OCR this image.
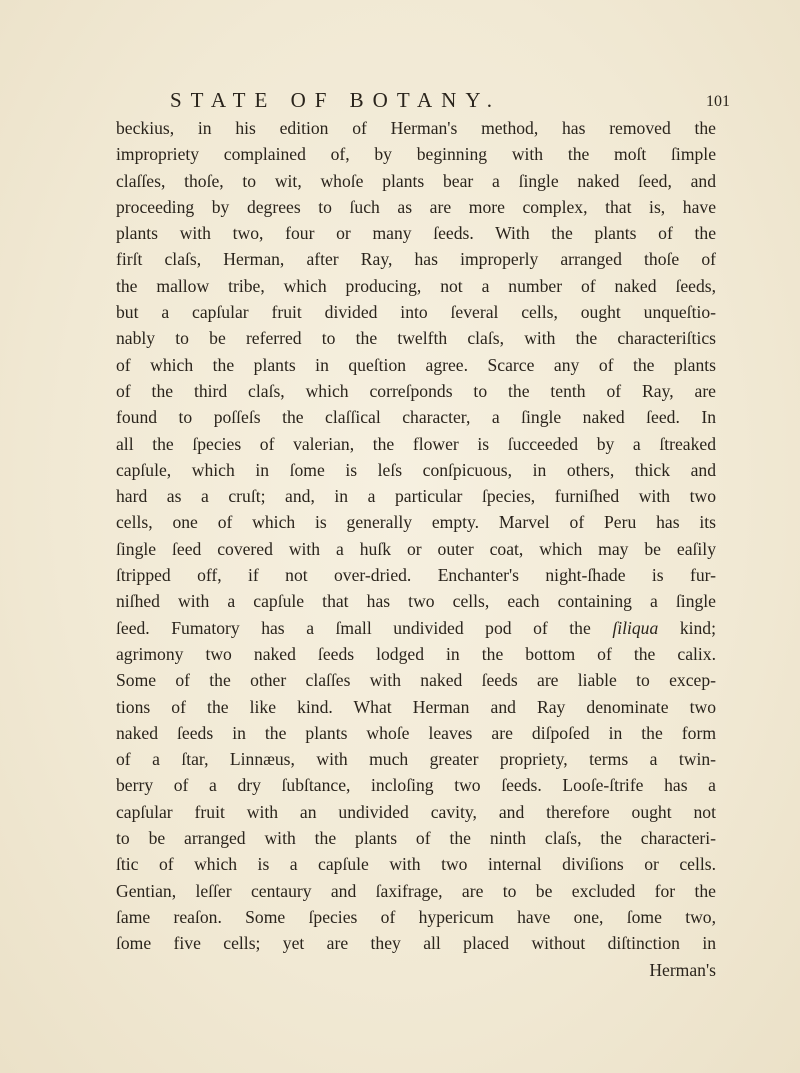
STATE OF BOTANY.	101
beckius, in his edition of Herman's method, has removed the
impropriety complained of, by beginning with the moſt ſimple
claſſes, thoſe, to wit, whoſe plants bear a ſingle naked ſeed, and
proceeding by degrees to ſuch as are more complex, that is, have
plants with two, four or many ſeeds. With the plants of the
firſt claſs, Herman, after Ray, has improperly arranged thoſe of
the mallow tribe, which producing, not a number of naked ſeeds,
but a capſular fruit divided into ſeveral cells, ought unqueſtio-
nably to be referred to the twelfth claſs, with the characteriſtics
of which the plants in queſtion agree. Scarce any of the plants
of the third claſs, which correſponds to the tenth of Ray, are
found to poſſeſs the claſſical character, a ſingle naked ſeed. In
all the ſpecies of valerian, the flower is ſucceeded by a ſtreaked
capſule, which in ſome is leſs conſpicuous, in others, thick and
hard as a cruſt; and, in a particular ſpecies, furniſhed with two
cells, one of which is generally empty. Marvel of Peru has its
ſingle ſeed covered with a huſk or outer coat, which may be eaſily
ſtripped off, if not over-dried. Enchanter's night-ſhade is fur-
niſhed with a capſule that has two cells, each containing a ſingle
ſeed. Fumatory has a ſmall undivided pod of the ſiliqua kind;
agrimony two naked ſeeds lodged in the bottom of the calix.
Some of the other claſſes with naked ſeeds are liable to excep-
tions of the like kind. What Herman and Ray denominate two
naked ſeeds in the plants whoſe leaves are diſpoſed in the form
of a ſtar, Linnæus, with much greater propriety, terms a twin-
berry of a dry ſubſtance, incloſing two ſeeds. Looſe-ſtrife has a
capſular fruit with an undivided cavity, and therefore ought not
to be arranged with the plants of the ninth claſs, the characteri-
ſtic of which is a capſule with two internal diviſions or cells.
Gentian, leſſer centaury and ſaxifrage, are to be excluded for the
ſame reaſon. Some ſpecies of hypericum have one, ſome two,
ſome five cells; yet are they all placed without diſtinction in
Herman's
